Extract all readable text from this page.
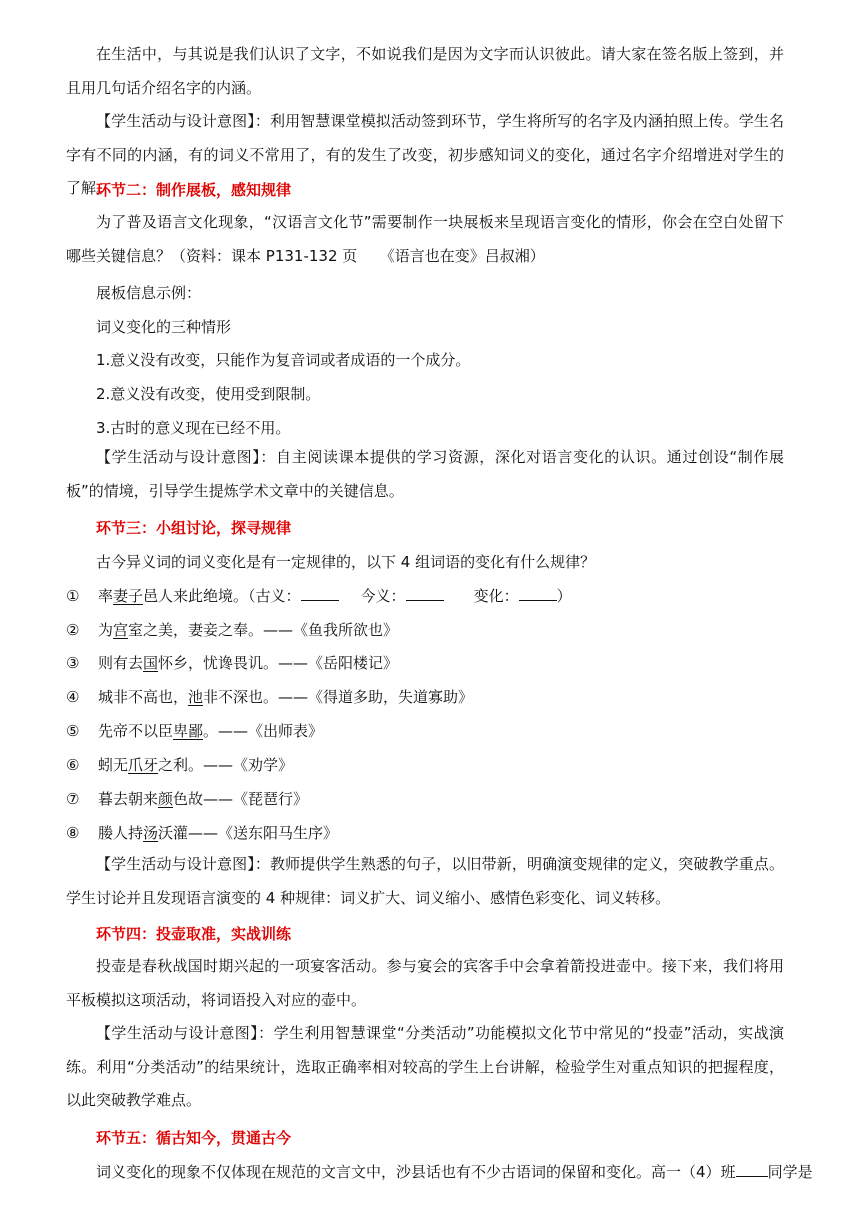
在生活中，与其说是我们认识了文字，不如说我们是因为文字而认识彼此。请大家在签名版上签到，并且用几句话介绍名字的内涵。

【学生活动与设计意图】：利用智慧课堂模拟活动签到环节，学生将所写的名字及内涵拍照上传。学生名字有不同的内涵，有的词义不常用了，有的发生了改变，初步感知词义的变化，通过名字介绍增进对学生的了解。

环节二：制作展板，感知规律

为了普及语言文化现象，“汉语言文化节”需要制作一块展板来呈现语言变化的情形，你会在空白处留下哪些关键信息？（资料：课本 P131-132 页　　《语言也在变》吕叔湘）

展板信息示例：

词义变化的三种情形

1.意义没有改变，只能作为复音词或者成语的一个成分。

2.意义没有改变，使用受到限制。

3.古时的意义现在已经不用。

【学生活动与设计意图】：自主阅读课本提供的学习资源，深化对语言变化的认识。通过创设“制作展板”的情境，引导学生提炼学术文章中的关键信息。

环节三：小组讨论，探寻规律

古今异义词的词义变化是有一定规律的，以下 4 组词语的变化有什么规律？

① 率妻子邑人来此绝境。（古义：	今义：	变化：	）
② 为宫室之美，妻妾之奉。——《鱼我所欲也》
③ 则有去国怀乡，忧谗畏讥。——《岳阳楼记》
④ 城非不高也，池非不深也。——《得道多助，失道寡助》
⑤ 先帝不以臣卑鄙。——《出师表》
⑥ 蚓无爪牙之利。——《劝学》
⑦ 暮去朝来颜色故——《琵琶行》
⑧ 媵人持汤沃灌——《送东阳马生序》

【学生活动与设计意图】：教师提供学生熟悉的句子，以旧带新，明确演变规律的定义，突破教学重点。学生讨论并且发现语言演变的 4 种规律：词义扩大、词义缩小、感情色彩变化、词义转移。

环节四：投壶取准，实战训练

投壶是春秋战国时期兴起的一项宴客活动。参与宴会的宾客手中会拿着箭投进壶中。接下来，我们将用平板模拟这项活动，将词语投入对应的壶中。

【学生活动与设计意图】：学生利用智慧课堂“分类活动”功能模拟文化节中常见的“投壶”活动，实战演练。利用“分类活动”的结果统计，选取正确率相对较高的学生上台讲解，检验学生对重点知识的把握程度，以此突破教学难点。

环节五：循古知今，贯通古今

词义变化的现象不仅体现在规范的文言文中，沙县话也有不少古语词的保留和变化。高一（4）班 同学是
